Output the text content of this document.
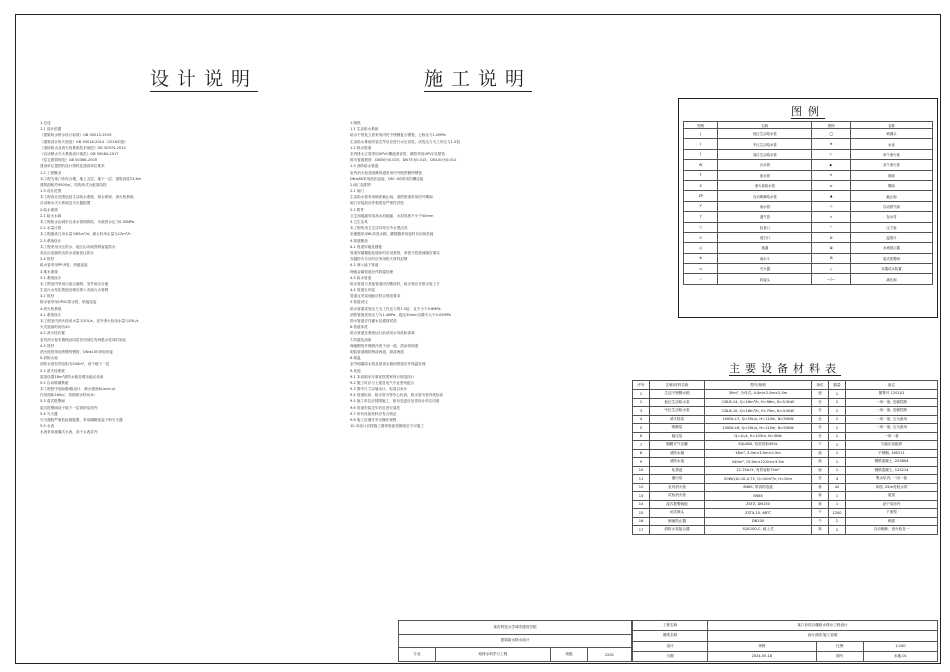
设计说明	施工说明
1.总述
1.1 设计依据
《建筑给水排水设计标准》GB 50015-2019
《建筑设计防火规范》GB 50016-2014（2018年版）
《消防给水及消火栓系统技术规范》GB 50974-2014
《自动喷水灭火系统设计规范》GB 50084-2017
《住宅建筑规范》GB 50368-2005
建设单位提供的设计资料及建设单位要求
1.2 工程概况
本工程为某门诊综合楼，地上五层，地下一层，建筑高度23.6m
建筑面积约9500㎡，结构形式为框架结构
1.3 设计范围
本工程设计范围包括生活给水系统、排水系统、消火栓系统、
自动喷水灭火系统及灭火器配置
2.给水系统
2.1 给水水源
本工程给水由城市自来水管网供给，市政供水压力0.30MPa
2.2 水量计算
本工程最高日用水量为85m³/d，最大时用水量为12m³/h
2.3 系统设计
本工程采用分区供水，低区由市政管网直接供水
高区由变频恒压供水设备加压供水
2.4 管材
给水管采用PP-R管，热熔连接
3.排水系统
3.1 系统设计
本工程室内采用污废合流制，室外雨污分流
生活污水经化粪池处理后排入市政污水管网
3.2 管材
排水管采用UPVC排水管，粘接连接
4.消火栓系统
4.1 系统设计
本工程室内消火栓用水量为20L/s，室外消火栓用水量为25L/s
火灾延续时间为2h
4.2 消火栓布置
室内消火栓布置保证同层任何部位有两股水柱同时到达
4.3 管材
消火栓管采用热镀锌钢管，DN≤100采用丝接
5.消防水池
消防水池有效容积为540m³，设于地下一层
5.1 消火栓系统
屋顶设置18m³消防水箱及增压稳压设备
5.2 自动喷淋系统
本工程按中危险级Ⅰ级设计，喷水强度6L/min·㎡
作用面积160㎡，持续喷水时间1h
5.3 湿式报警阀
湿式报警阀设于地下一层消防泵房内
5.4 灭火器
灭火器按严重危险级配置，采用磷酸铵盐干粉灭火器
5.5 水表
水表采用旋翼式水表，设于水表井内
1.图纸
1.1 生活给水系统
给水干管及立管采用内衬不锈钢复合钢管，公称压力1.0MPa
生活给水系统安装完毕后应进行水压试验，试验压力为工作压力1.5倍
1.2 排水管道
室内排水立管采用UPVC螺旋消音管，横管采用UPVC实壁管
排水管道坡度：DN50为0.025，DN75为0.015，DN100为0.012
1.3 消防给水管道
室内消火栓及喷淋管道采用内外壁热镀锌钢管
DN≤80采用丝扣连接，DN＞80采用沟槽连接
2.阀门及附件
2.1 阀门
生活给水管采用铜质截止阀，消防管道采用信号蝶阀
阀门安装前应作强度及严密性试验
2.2 附件
卫生间地漏采用高水封地漏，水封高度不小于50mm
3.卫生洁具
本工程所用卫生洁具均为节水型洁具
坐便器采用6L冲洗水箱，蹲便器采用延时自闭冲洗阀
4.管道敷设
4.1 管道穿墙及楼板
管道穿越楼板及墙体时应设套管，套管与管道间隙应填实
穿越防火分区时应采用防火材料封堵
4.2 埋入地下管道
埋地金属管道应作防腐处理
4.3 给水管道
给水管道与其他管道同沟敷设时，给水管应在排水管上方
4.4 管道支吊架
管道支吊架间距应符合规范要求
5.管道试压
给水管道试验压力为工作压力的1.5倍，且不小于0.6MPa
消防管道试验压力为1.4MPa，稳压30min压降不大于0.05MPa
排水管道应作灌水及通球试验
6.管道冲洗
给水管道在系统运行前须用水冲洗和消毒
7.防腐及油漆
埋地钢管外壁刷冷底子油一道、热沥青两道
明装管道刷防锈漆两道，面漆两道
8.保温
室外明露给水管及屋顶水箱间管道应作保温处理
9.其他
9.1 本说明未尽事宜按国家现行规范执行
9.2 施工时应与土建及电气专业密切配合
9.3 图中尺寸以毫米计，标高以米计
9.4 管道标高：给水管为管中心标高，排水管为管内底标高
9.5 施工单位应按图施工，如有变更应征得设计单位同意
9.6 管道安装完毕后应进行清洗
9.7 所有设备材料应有合格证
9.8 施工应遵守安全操作规程
10.本设计应按施工图审查意见修改后方可施工
图例
图例	名称	图例	名称
J	低区生活给水管	◯	喷淋头
J	中区生活给水管	⊕	水表
J	高区生活给水管	▷	单个消火栓
W	污水管	▶	双个消火栓
F	废水管	✕	闸阀
X	消火栓给水管	⊳	蝶阀
ZP	自动喷淋给水管	▲	截止阀
Y	雨水管	◇	自动排气阀
T	通气管	∩	存水弯
○	检查口	⌐	压力表
⊙	清扫口	Ø	温度计
◎	地漏	⊠	水流指示器
⊕	雨水斗	⊞	湿式报警阀
▭	灭火器	⊥	末端试水装置
∽	软接头	—|—	减压阀
主要设备材料表
序号	名称/材料名称	型号/规格	单位	数量	备注
1	生活不锈钢水箱	30m³, 分体式, 4.0m×2.0m×2.5m	座	1	图集号 12S101
2	低区生活给水泵	CDL8-14, Q=16m³/h, H=96m, N=5.5kW	台	2	一用一备, 变频控制
3	中区生活给水泵	CDL8-10, Q=16m³/h, H=70m, N=4.0kW	台	2	一用一备, 变频控制
4	消火栓泵	100DL×7, Q=35L/s, H=110m, N=55kW	台	2	一用一备, 互为备用
5	喷淋泵	100DL×6, Q=30L/s, H=115m, N=55kW	台	2	一用一备, 互为备用
6	稳压泵	Q=1L/s, H=125m, N=3kW	台	2	一用一备
7	隔膜式气压罐	SQL800, 有效容积450L	个	1	与稳压泵配套
8	消防水箱	18m³, 3.0m×3.0m×2.5m	座	1	不锈钢, 16S211
9	消防水池	540m³, 15.0m×12.0m×3.5m	座	1	钢筋混凝土, 22S804
10	化粪池	12-75A1Y, 有效容积75m³	座	1	钢筋混凝土, 12S214
11	潜污泵	50WQ10-10-0.75, Q=10m³/h, H=10m	台	4	集水坑内, 一用一备
12	室内消火栓	SN65, 带消防卷盘	套	42	单栓, 25m衬胶水带
13	试验消火栓	SN65	套	1	屋顶
14	湿式报警阀组	ZSFZ, DN150	套	1	设于泵房内
15	闭式喷头	ZSTX-15, 68℃	个	1200	下垂型
16	倒流防止器	DN100	个	2	铜质
17	消防水泵接合器	SQS100-C, 地上式	套	2	自动喷淋、消火栓各一
某市科技大学城市建设学院
建筑给水排水设计
专业	给排水科学与工程	班级	2201
工程名称	某门诊综合楼给水排水工程设计		
图纸名称	设计说明 施工说明		
设计	审核	比例	1:100
日期	2024.05.18	图号	水施-01
